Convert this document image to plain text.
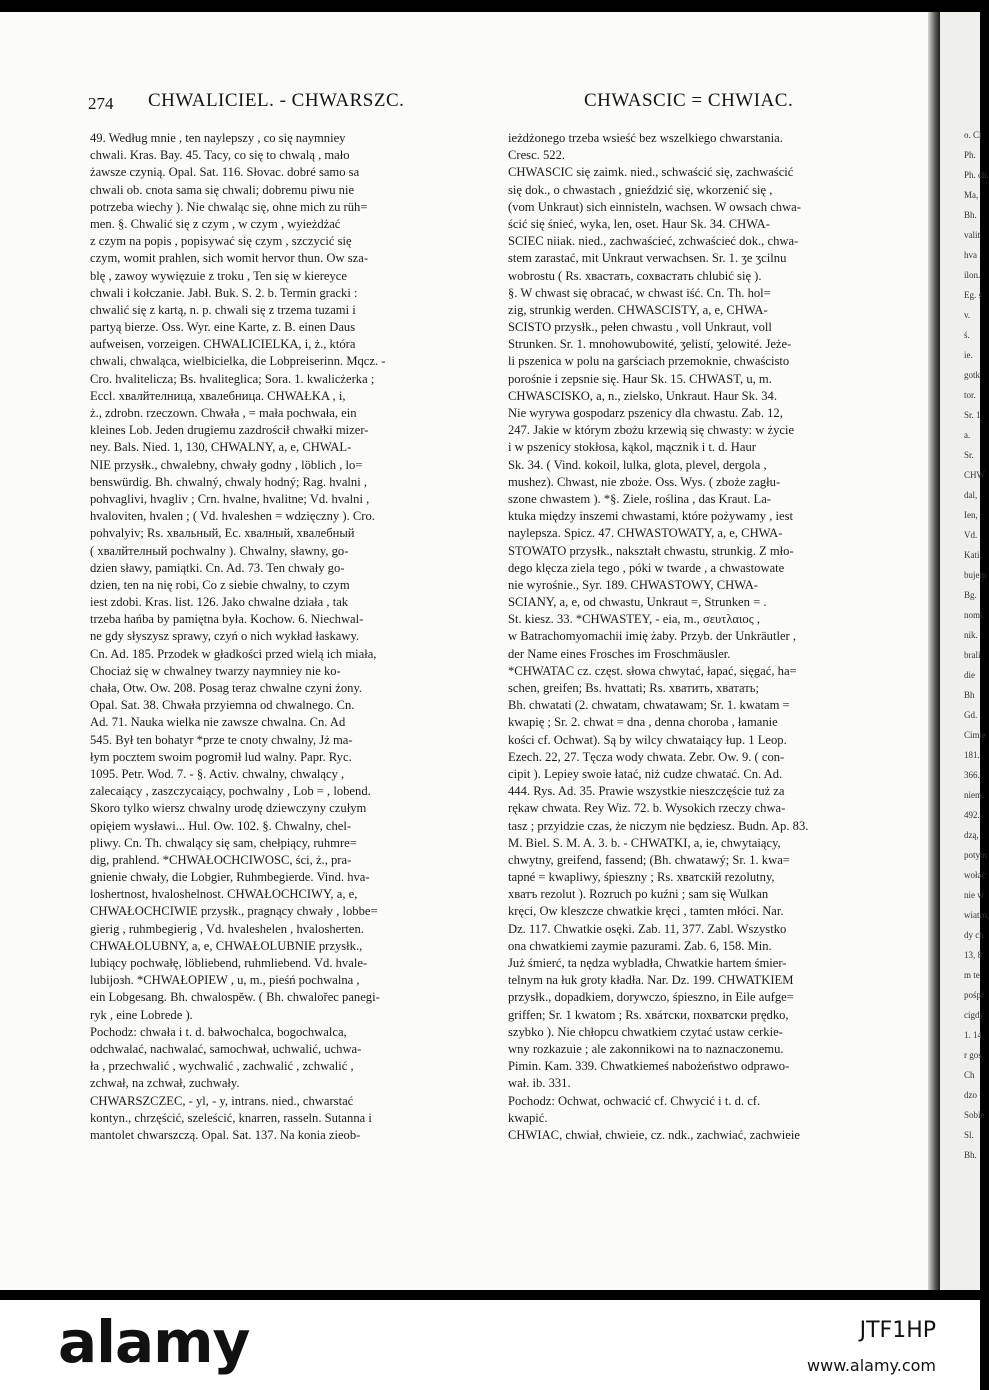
274 CHWALICIEL. - CHWARSZC.	CHWASCIC = CHWIAC.
49. Według mnie , ten naylepszy , co się naymniey
chwali. Kras. Bay. 45. Tacy, co się to chwalą , mało
żawsze czynią. Opal. Sat. 116. Słovac. dobré samo sa
chwali ob. cnota sama się chwali; dobremu piwu nie
potrzeba wiechy ). Nie chwaląc się, ohne mich zu rüh=
men. §. Chwalić się z czym , w czym , wyieżdżać
z czym na popis , popisywać się czym , szczycić się
czym, womit prahlen, sich womit hervor thun. Ow sza-
blę , zawoy wywięzuie z troku , Ten się w kiereyce
chwali i kołczanie. Jabł. Buk. S. 2. b. Termin gracki :
chwalić się z kartą, n. p. chwali się z trzema tuzami i
partyą bierze. Oss. Wyr. eine Karte, z. B. einen Daus
aufweisen, vorzeigen. CHWALICIELKA, i, ż., która
chwali, chwaląca, wielbicielka, die Lobpreiserinn. Mqcz. -
Cro. hvaliteliсza; Bs. hvaliteglica; Sora. 1. kwalicżerka ;
Eccl. хвалйтелница, хвалебница. CHWAŁKA , i,
ż., zdrobn. rzeczown. Chwała , = mała pochwała, ein
kleines Lob. Jeden drugiemu zazdrościł chwałki mizer-
ney. Bals. Nied. 1, 130, CHWALNY, a, e, CHWAL-
NIE przysłk., chwalebny, chwały godny , löblich , lo=
benswürdig. Bh. chwalný, chwaly hodný; Rag. hvalni ,
pohvaglivi, hvagliv ; Crn. hvalne, hvalitne; Vd. hvalni ,
hvaloviten, hvalen ; ( Vd. hvaleshen = wdzięczny ). Cro.
pohvalyiv; Rs. хвальный, Ec. хвалный, хвалебный
( хвалйтелный pochwalny ). Chwalny, sławny, go-
dzien sławy, pamiątki. Cn. Ad. 73. Ten chwały go-
dzien, ten na nię robi, Co z siebie chwalny, to czym
iest zdobi. Kras. list. 126. Jako chwalne działa , tak
trzeba hańba by pamiętna była. Kochow. 6. Niechwal-
ne gdy słyszysz sprawy, czyń o nich wykład łaskawy.
Cn. Ad. 185. Przodek w gładkości przed wielą ich miała,
Chociaż się w chwalney twarzy naymniey nie ko-
chała, Otw. Ow. 208. Posag teraz chwalne czyni żony.
Opal. Sat. 38. Chwała przyiemna od chwalnego. Cn.
Ad. 71. Nauka wielka nie zawsze chwalna. Cn. Ad
545. Był ten bohatyr *prze te cnoty chwalny, Jż ma-
łym pocztem swoim pogromił lud walny. Papr. Ryc.
1095. Petr. Wod. 7. - §. Activ. chwalny, chwalący ,
zalecaiący , zaszczycaiący, pochwalny , Lob = , lobend.
Skoro tylko wiersz chwalny urodę dziewczyny czułym
opięiem wysławi... Hul. Ow. 102. §. Chwalny, chel-
pliwy. Cn. Th. chwalący się sam, chełpiący, ruhmre=
dig, prahlend. *CHWAŁOCHCIWOSC, ści, ż., pra-
gnienie chwały, die Lobgier, Ruhmbegierde. Vind. hva-
loshertnost, hvaloshelnost. CHWAŁOCHCIWY, a, e,
CHWAŁOCHCIWIE przysłk., pragnący chwały , lobbe=
gierig , ruhmbegierig , Vd. hvaleshelen , hvaloshertеn.
CHWAŁOLUBNY, a, e, CHWAŁOLUBNIE przysłk.,
lubiący pochwałę, löbliebend, ruhmliebend. Vd. hvale-
lubijoзh. *CHWAŁOPIEW , u, m., pieśń pochwalna ,
ein Lobgesang. Bh. chwalospěw. ( Bh. chwalořec panegi-
ryk , eine Lobrede ).
Pochodz: chwała i t. d. bałwochalca, bogochwalca,
odchwalać, nachwalać, samochwał, uchwalić, uchwa-
ła , przechwalić , wychwalić , zachwalić , zchwalić ,
zchwał, na zchwał, zuchwały.
CHWARSZCZEC, - yl, - y, intrans. nied., chwarstać
kontyn., chrzęścić, szeleścić, knarren, rasseln. Sutanna i
mantolet chwarszczą. Opal. Sat. 137. Na konia zieob-
ieżdżonego trzeba wsieść bez wszelkiego chwarstania.
Cresc. 522.
CHWASCIC się zaimk. nied., schwaścić się, zachwaścić
się dok., o chwastach , gnieździć się, wkorzenić się ,
(vom Unkraut) sich einnisteln, wachsen. W owsach chwa-
ścić się śnieć, wyka, len, oset. Haur Sk. 34. CHWA-
SCIEC niiak. nied., zachwaścieć, zchwaścieć dok., chwa-
stem zarastać, mit Unkraut verwachsen. Sr. 1. ʒe ʒcilnu
wobrostu ( Rs. хвастать, сохвастать chlubić się ).
§. W chwast się obracać, w chwast iść. Cn. Th. hol=
zig, strunkig werden. CHWASCISTY, a, e, CHWA-
SCISTO przysłk., pełen chwastu , voll Unkraut, voll
Strunken. Sr. 1. mnohowubowité, ʒelistí, ʒelowité. Jeże-
li pszenica w polu na garściach przemoknie, chwaścisto
porośnie i zepsnie się. Haur Sk. 15. CHWAST, u, m.
CHWASCISKO, a, n., zielsko, Unkraut. Haur Sk. 34.
Nie wyrywa gospodarz pszenicy dla chwastu. Zab. 12,
247. Jakie w którym zbożu krzewią się chwasty: w życie
i w pszenicy stokłosa, kąkol, mącznik i t. d. Haur
Sk. 34. ( Vind. kokoil, lulka, glota, plevel, dergola ,
mushez). Chwast, nie zboże. Oss. Wys. ( zboże zagłu-
szone chwastem ). *§. Ziele, roślina , das Kraut. La-
ktuka między inszemi chwastami, które pożywamy , iest
naylepsza. Spicz. 47. CHWASTOWATY, a, e, CHWA-
STOWATO przysłk., nakształt chwastu, strunkig. Z mło-
dego klęcza ziela tego , póki w twarde , a chwastowate
nie wyrośnie., Syr. 189. CHWASTOWY, CHWA-
SCIANY, a, e, od chwastu, Unkraut =, Strunken = .
St. kiesz. 33. *CHWASTEY, - eia, m., σευτλαιος ,
w Batrachomyomachii imię żaby. Przyb. der Unkräutler ,
der Name eines Frosches im Froschmäusler.
*CHWATAC cz. częst. słowa chwytać, łapać, sięgać, ha=
schen, greifen; Bs. hvattati; Rs. хватить, хватать;
Bh. chwatati (2. chwatam, chwatawam; Sr. 1. kwatam =
kwapię ; Sr. 2. chwat = dna , denna choroba , łamanie
kości cf. Ochwat). Są by wilcy chwataiący łup. 1 Leop.
Ezech. 22, 27. Tęcza wody chwata. Zebr. Ow. 9. ( con-
cipit ). Lepiey swoie łatać, niż cudze chwatać. Cn. Ad.
444. Rys. Ad. 35. Prawie wszystkie nieszczęście tuż za
rękaw chwata. Rey Wiz. 72. b. Wysokich rzeczy chwa-
tasz ; przyidzie czas, że niczym nie będziesz. Budn. Ap. 83.
M. Biel. S. M. A. 3. b. - CHWATKI, a, ie, chwytaiący,
chwytny, greifend, fassend; (Bh. chwatawý; Sr. 1. kwa=
tapné = kwapliwy, śpieszny ; Rs. хватскій rezolutny,
хватъ rezolut ). Rozruch po kuźni ; sam się Wulkan
kręci, Ow kleszcze chwatkie kręci , tamten młóci. Nar.
Dz. 117. Chwatkie osęki. Zab. 11, 377. Zabl. Wszystko
ona chwatkiemi zaymie pazurami. Zab. 6, 158. Min.
Już śmierć, ta nędza wybladła, Chwatkie hartem śmier-
telnym na łuk groty kładła. Nar. Dz. 199. CHWATKIEM
przysłk., dopadkiem, dorywczo, śpieszno, in Eile aufge=
griffen; Sr. 1 kwatom ; Rs. хвáтски, похватски prędko,
szybko ). Nie chłopcu chwatkiem czytać ustaw cerkie-
wny rozkazuie ; ale zakonnikowi na to naznaczonemu.
Pimin. Kam. 339. Chwatkiemeś nabożeństwo odprawo-
wał. ib. 331.
Pochodz: Ochwat, ochwacić cf. Chwycić i t. d. cf.
kwapić.
CHWIAC, chwiał, chwieie, cz. ndk., zachwiać, zachwieie
o. Cl
Ph.
Ph. ch.
Ma,
Bh.
valit
hva
ilon.
Eg. s
v.
ś.
ie.
gotk
tor.
Sr. 1
a.
Sr.
CHW
dal,
Ien,
Vd.
Kati,
bujem
Bg.
nomi
nik.
brali
die
Bh
Gd.
Cimie
181.
366.
niem.
492.
dzą,
potym
wołać
nie w
wiatro,
dy ch
13, 8
m te
pośpi
cigdy
1. 14
r gos
Ch
dzo
Sobie
Sl.
Bh.
alamy	JTF1HP
www.alamy.com
